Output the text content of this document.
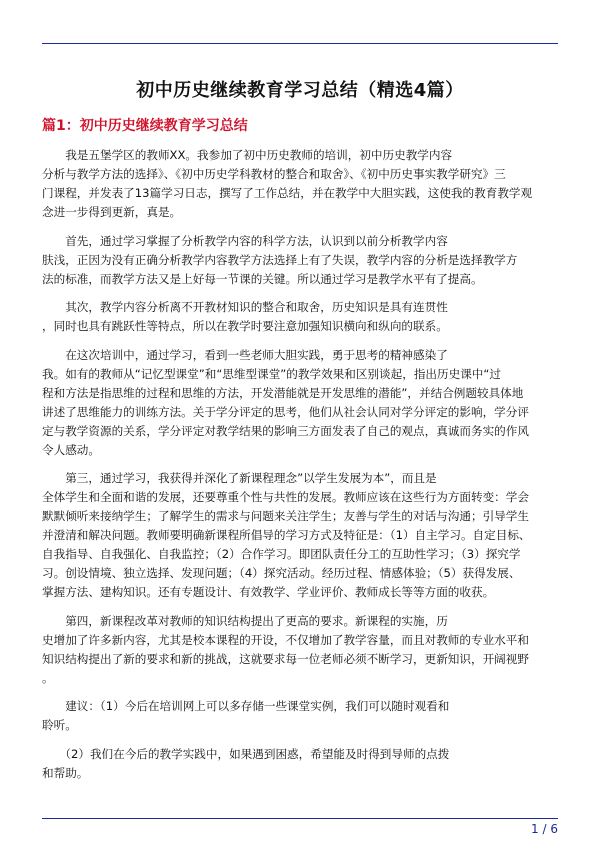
初中历史继续教育学习总结（精选4篇）
篇1：初中历史继续教育学习总结

　　我是五堡学区的教师XX。我参加了初中历史教师的培训，初中历史教学内容
分析与教学方法的选择》、《初中历史学科教材的整合和取舍》、《初中历史事实教学研究》三
门课程，并发表了13篇学习日志，撰写了工作总结，并在教学中大胆实践，这使我的教育教学观
念进一步得到更新，真是。

　　首先，通过学习掌握了分析教学内容的科学方法，认识到以前分析教学内容
肤浅，正因为没有正确分析教学内容教学方法选择上有了失误，教学内容的分析是选择教学方
法的标准，而教学方法又是上好每一节课的关键。所以通过学习是教学水平有了提高。

　　其次，教学内容分析离不开教材知识的整合和取舍，历史知识是具有连贯性
，同时也具有跳跃性等特点，所以在教学时要注意加强知识横向和纵向的联系。

　　在这次培训中，通过学习，看到一些老师大胆实践，勇于思考的精神感染了
我。如有的教师从“记忆型课堂”和“思维型课堂”的教学效果和区别谈起，指出历史课中“过
程和方法是指思维的过程和思维的方法，开发潜能就是开发思维的潜能”，并结合例题较具体地
讲述了思维能力的训练方法。关于学分评定的思考，他们从社会认同对学分评定的影响，学分评
定与教学资源的关系，学分评定对教学结果的影响三方面发表了自己的观点，真诚而务实的作风
令人感动。

　　第三，通过学习，我获得并深化了新课程理念”以学生发展为本”，而且是
全体学生和全面和谐的发展，还要尊重个性与共性的发展。教师应该在这些行为方面转变：学会
默默倾听来接纳学生；了解学生的需求与问题来关注学生；友善与学生的对话与沟通；引导学生
并澄清和解决问题。教师要明确新课程所倡导的学习方式及特征是：（1）自主学习。自定目标、
自我指导、自我强化、自我监控；（2）合作学习。即团队责任分工的互助性学习；（3）探究学
习。创设情境、独立选择、发现问题；（4）探究活动。经历过程、情感体验；（5）获得发展、
掌握方法、建构知识。还有专题设计、有效教学、学业评价、教师成长等等方面的收获。

　　第四，新课程改革对教师的知识结构提出了更高的要求。新课程的实施，历
史增加了许多新内容，尤其是校本课程的开设，不仅增加了教学容量，而且对教师的专业水平和
知识结构提出了新的要求和新的挑战，这就要求每一位老师必须不断学习，更新知识，开阔视野
。

　　建议：（1）今后在培训网上可以多存储一些课堂实例，我们可以随时观看和
聆听。

　　（2）我们在今后的教学实践中，如果遇到困惑，希望能及时得到导师的点拨
和帮助。

1 / 6
